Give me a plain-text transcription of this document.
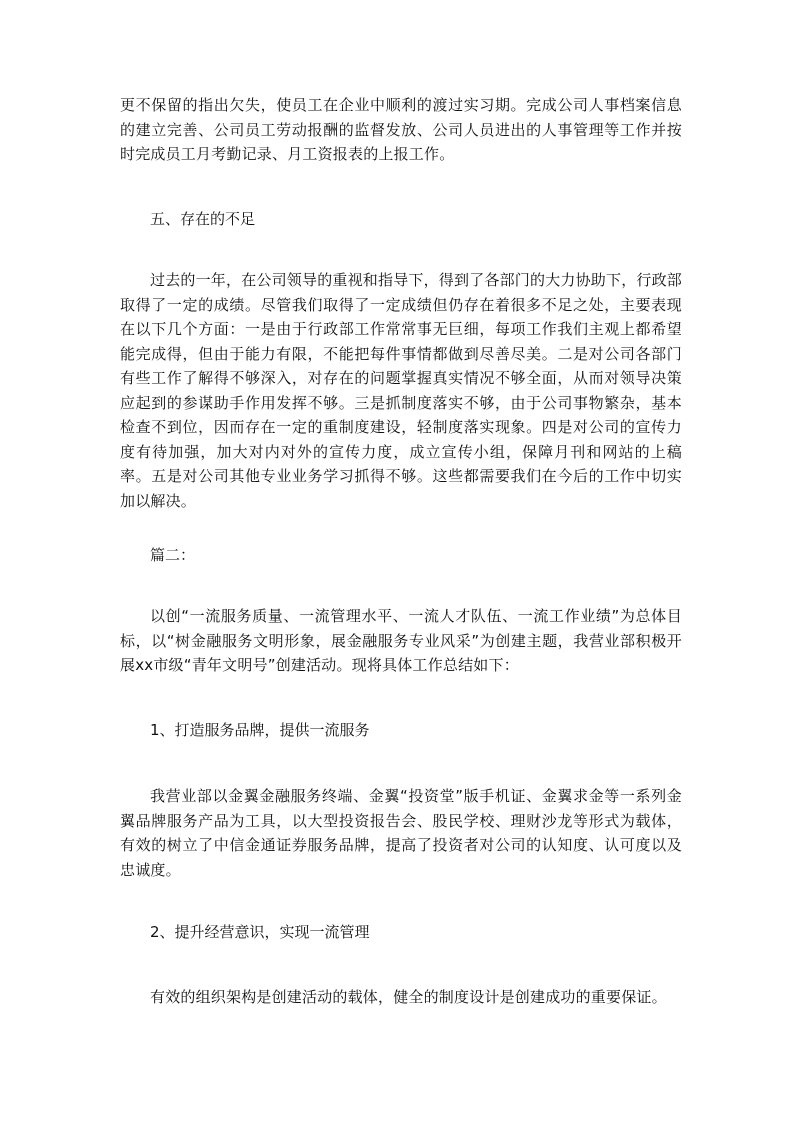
更不保留的指出欠失，使员工在企业中顺利的渡过实习期。完成公司人事档案信息的建立完善、公司员工劳动报酬的监督发放、公司人员进出的人事管理等工作并按时完成员工月考勤记录、月工资报表的上报工作。

五、存在的不足

过去的一年，在公司领导的重视和指导下，得到了各部门的大力协助下，行政部取得了一定的成绩。尽管我们取得了一定成绩但仍存在着很多不足之处，主要表现在以下几个方面：一是由于行政部工作常常事无巨细，每项工作我们主观上都希望能完成得，但由于能力有限，不能把每件事情都做到尽善尽美。二是对公司各部门有些工作了解得不够深入，对存在的问题掌握真实情况不够全面，从而对领导决策应起到的参谋助手作用发挥不够。三是抓制度落实不够，由于公司事物繁杂，基本检查不到位，因而存在一定的重制度建设，轻制度落实现象。四是对公司的宣传力度有待加强，加大对内对外的宣传力度，成立宣传小组，保障月刊和网站的上稿率。五是对公司其他专业业务学习抓得不够。这些都需要我们在今后的工作中切实加以解决。

篇二：

以创“一流服务质量、一流管理水平、一流人才队伍、一流工作业绩”为总体目标，以“树金融服务文明形象，展金融服务专业风采”为创建主题，我营业部积极开展xx市级“青年文明号”创建活动。现将具体工作总结如下：

1、打造服务品牌，提供一流服务

我营业部以金翼金融服务终端、金翼“投资堂”版手机证、金翼求金等一系列金翼品牌服务产品为工具，以大型投资报告会、股民学校、理财沙龙等形式为载体，有效的树立了中信金通证券服务品牌，提高了投资者对公司的认知度、认可度以及忠诚度。

2、提升经营意识，实现一流管理

有效的组织架构是创建活动的载体，健全的制度设计是创建成功的重要保证。
